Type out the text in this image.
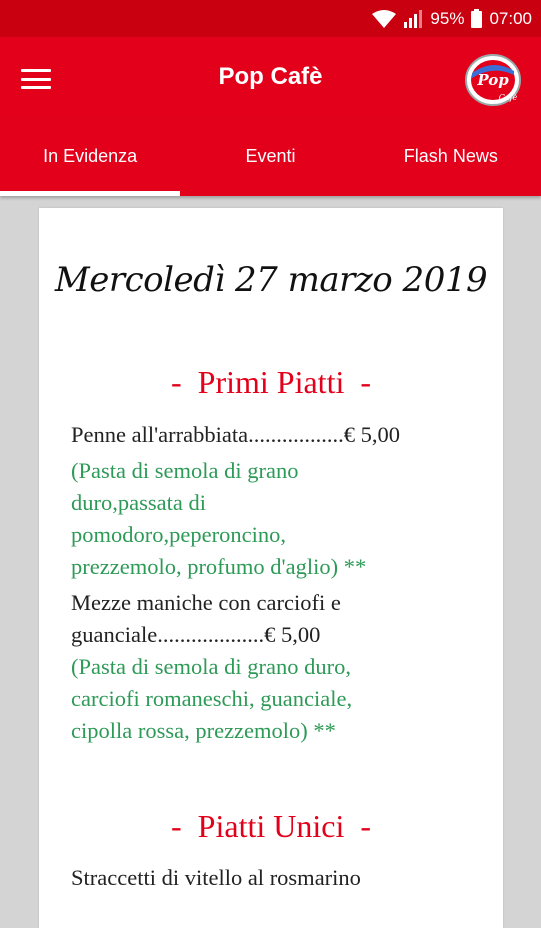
95% 07:00
Pop Cafè	Pop
Cafè
In Evidenza	Eventi	Flash News
Mercoledì 27 marzo 2019
-  Primi Piatti  -
Penne all'arrabbiata.................€ 5,00
(Pasta di semola di grano
duro,passata di
pomodoro,peperoncino,
prezzemolo, profumo d'aglio) **
Mezze maniche con carciofi e
guanciale...................€ 5,00
(Pasta di semola di grano duro,
carciofi romaneschi, guanciale,
cipolla rossa, prezzemolo) **
-  Piatti Unici  -
Straccetti di vitello al rosmarino
